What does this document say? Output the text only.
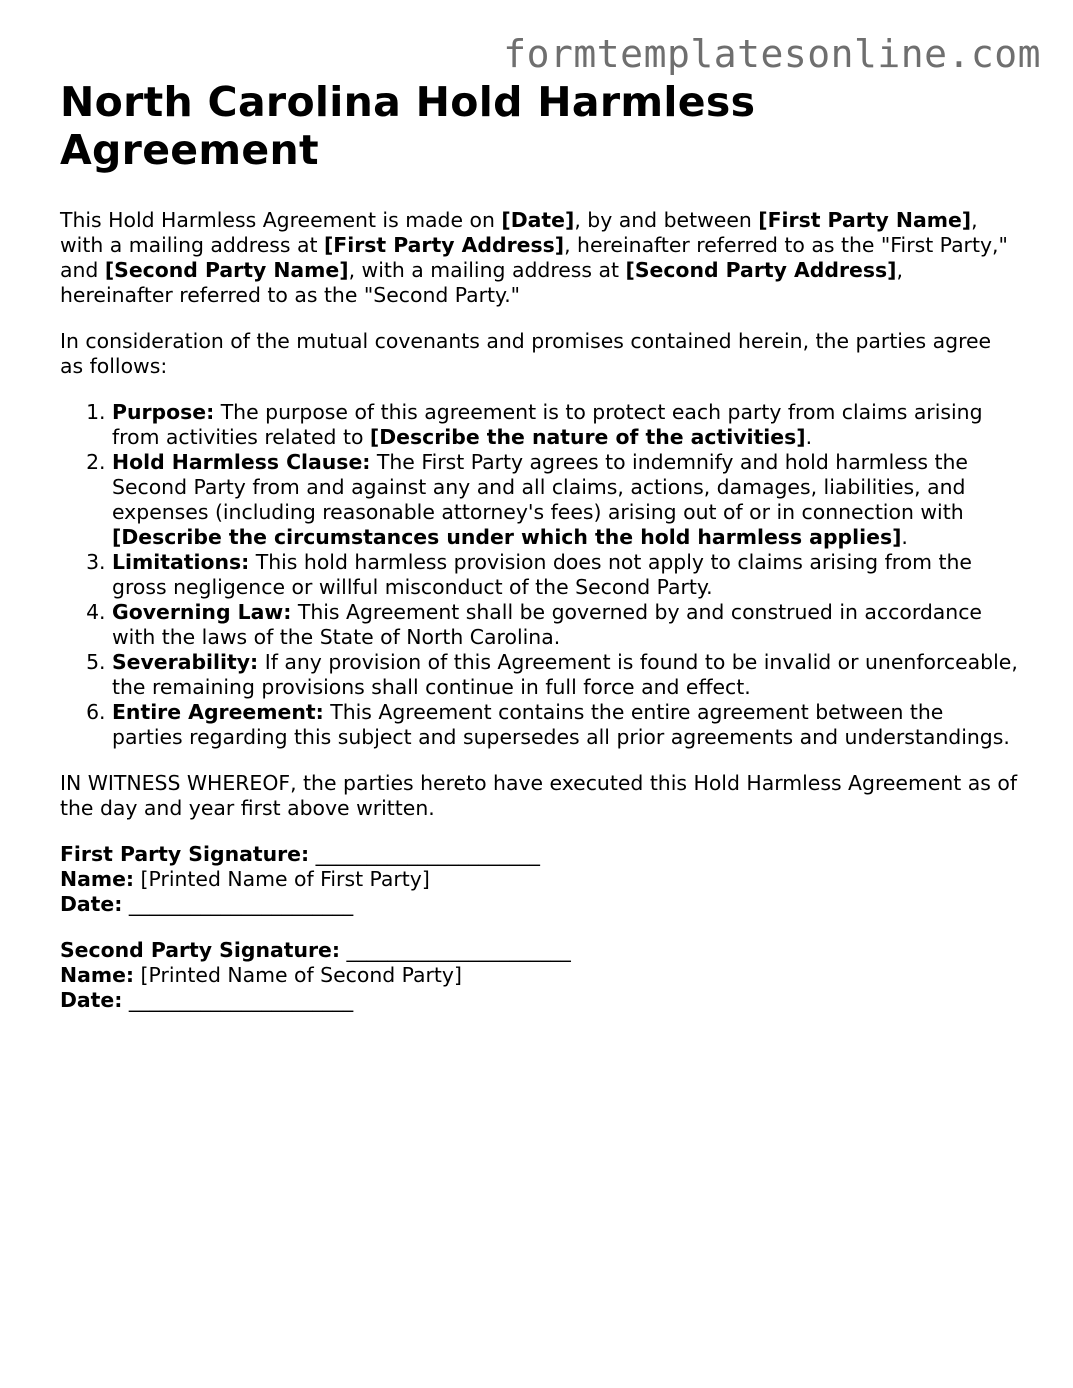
formtemplatesonline.com
North Carolina Hold Harmless Agreement

This Hold Harmless Agreement is made on [Date], by and between [First Party Name], with a mailing address at [First Party Address], hereinafter referred to as the "First Party," and [Second Party Name], with a mailing address at [Second Party Address], hereinafter referred to as the "Second Party."

In consideration of the mutual covenants and promises contained herein, the parties agree as follows:

1. Purpose: The purpose of this agreement is to protect each party from claims arising from activities related to [Describe the nature of the activities].
2. Hold Harmless Clause: The First Party agrees to indemnify and hold harmless the Second Party from and against any and all claims, actions, damages, liabilities, and expenses (including reasonable attorney's fees) arising out of or in connection with [Describe the circumstances under which the hold harmless applies].
3. Limitations: This hold harmless provision does not apply to claims arising from the gross negligence or willful misconduct of the Second Party.
4. Governing Law: This Agreement shall be governed by and construed in accordance with the laws of the State of North Carolina.
5. Severability: If any provision of this Agreement is found to be invalid or unenforceable, the remaining provisions shall continue in full force and effect.
6. Entire Agreement: This Agreement contains the entire agreement between the parties regarding this subject and supersedes all prior agreements and understandings.

IN WITNESS WHEREOF, the parties hereto have executed this Hold Harmless Agreement as of the day and year first above written.

First Party Signature: ______________________
Name: [Printed Name of First Party]
Date: ______________________
Second Party Signature: ______________________
Name: [Printed Name of Second Party]
Date: ______________________
